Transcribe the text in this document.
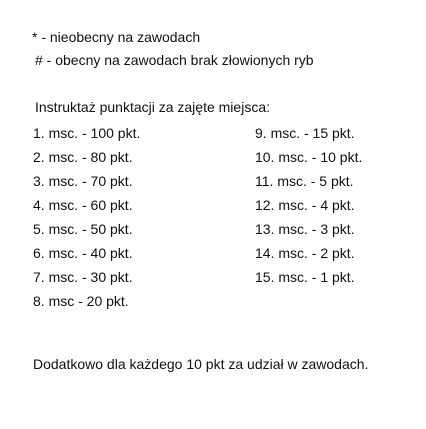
* - nieobecny na zawodach
# - obecny na zawodach brak złowionych ryb
Instruktaż punktacji za zajęte miejsca:
1. msc. - 100 pkt.
2. msc. - 80 pkt.
3. msc. - 70 pkt.
4. msc. - 60 pkt.
5. msc. - 50 pkt.
6. msc. - 40 pkt.
7. msc. - 30 pkt.
8. msc - 20 pkt.
9. msc. - 15 pkt.
10. msc. - 10 pkt.
11. msc. - 5 pkt.
12. msc. - 4 pkt.
13. msc. - 3 pkt.
14. msc. - 2 pkt.
15. msc. - 1 pkt.
Dodatkowo dla każdego 10 pkt za udział w zawodach.
